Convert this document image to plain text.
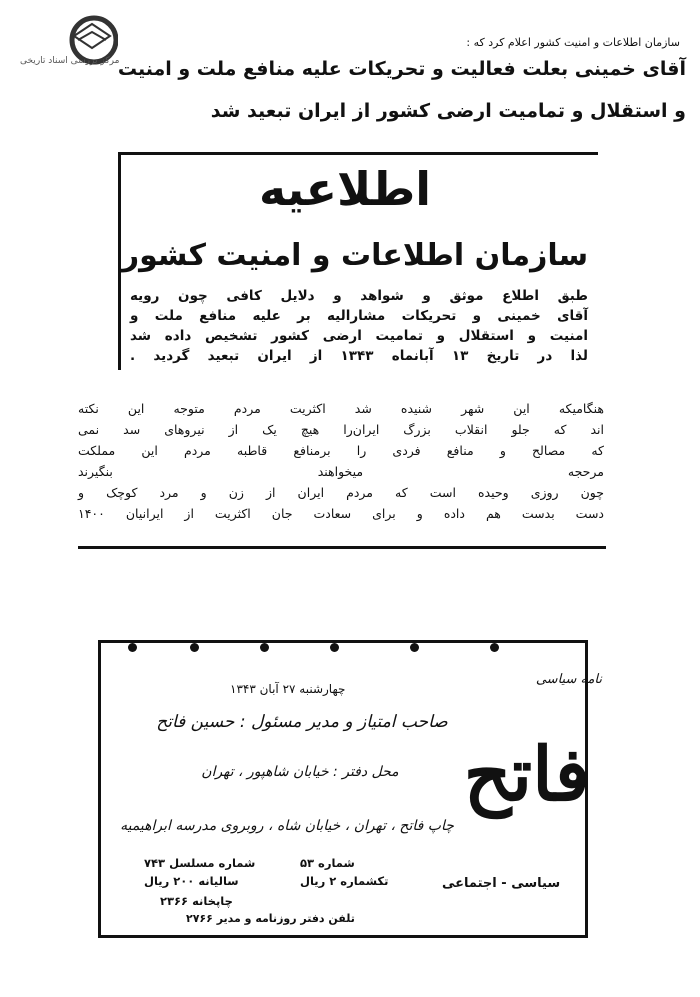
مرکز بررسی اسناد تاریخی
سازمان اطلاعات و امنیت کشور اعلام کرد که :
آقای خمینی بعلت فعالیت و تحریکات علیه منافع ملت و امنیت
و استقلال و تمامیت ارضی کشور از ایران تبعید شد
اطلاعیه
سازمان اطلاعات و امنیت کشور
طبق اطلاع موثق و شواهد و دلایل کافی چون رویه
آقای خمینی و تحریکات مشارالیه بر علیه منافع ملت و
امنیت و استقلال و تمامیت ارضی کشور تشخیص داده شد
لذا در تاریخ ۱۳ آبانماه ۱۳۴۳ از ایران تبعید گردید .
هنگامیکه این شهر شنیده شد اکثریت مردم متوجه این نکته
اند که جلو انقلاب بزرگ ایران‌را هیچ یک از نیروهای سد نمی
که مصالح و منافع فردی را برمنافع قاطبه مردم این مملکت
مرحجه میخواهند بنگیرند
چون روزی وحیده است که مردم ایران از زن و مرد کوچک و
دست بدست هم داده و برای سعادت جان اکثریت از ایرانیان ۱۴۰۰
نامه سیاسی
فاتح
چهارشنبه ۲۷ آبان ۱۳۴۳
صاحب امتیاز و مدیر مسئول : حسین فاتح
محل دفتر : خیابان شاهپور ، تهران
چاپ فاتح ، تهران ، خیابان شاه ، روبروی مدرسه ابراهیمیه
سیاسی - اجتماعی
شماره ۵۳
تکشماره ۲ ریال
شماره مسلسل ۷۴۳
سالیانه ۲۰۰ ریال
چاپخانه ۲۳۶۶
تلفن دفتر روزنامه و مدیر ۲۷۶۶
